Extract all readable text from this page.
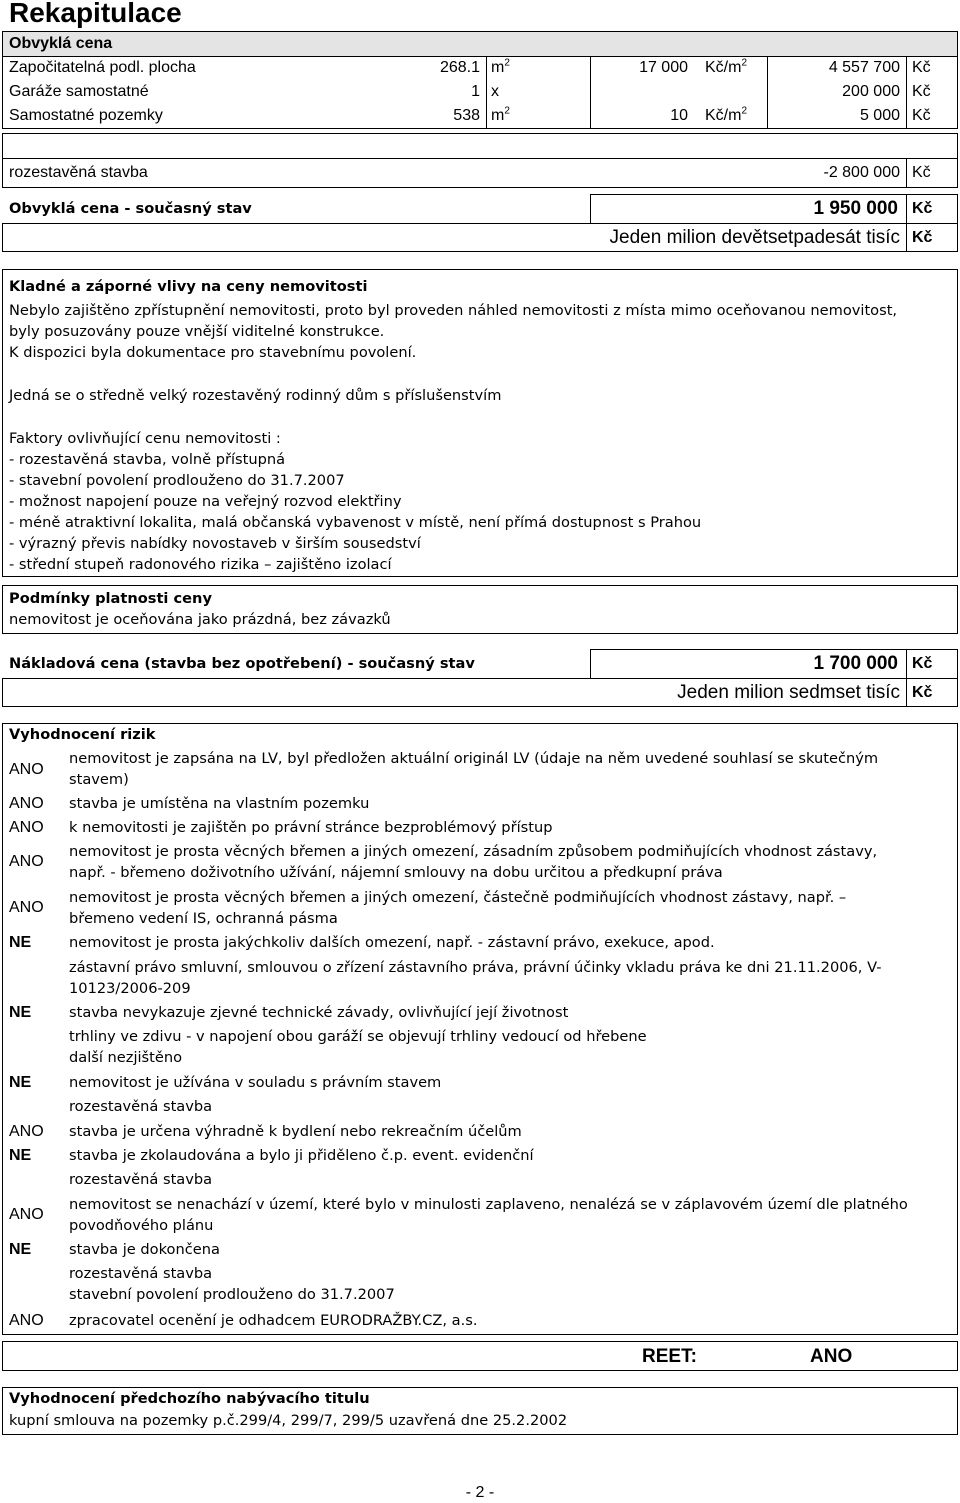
Rekapitulace
Obvyklá cena
Započitatelná podl. plocha	268.1 $m^2$	17 000 $Kč/m^2$	4 557 700 Kč
Garáže samostatné	1 x	200 000 Kč
Samostatné pozemky	538 $m^2$	10 $Kč/m^2$	5 000 Kč
rozestavěná stavba	-2 800 000 Kč
Obvyklá cena - současný stav	1 950 000 Kč
Jeden milion devětsetpadesát tisíc Kč
Kladné a záporné vlivy na ceny nemovitosti
Nebylo zajištěno zpřístupnění nemovitosti, proto byl proveden náhled nemovitosti z místa mimo oceňovanou nemovitost,
byly posuzovány pouze vnější viditelné konstrukce.
K dispozici byla dokumentace pro stavebnímu povolení.
Jedná se o středně velký rozestavěný rodinný dům s příslušenstvím
Faktory ovlivňující cenu nemovitosti :
- rozestavěná stavba, volně přístupná
- stavební povolení prodlouženo do 31.7.2007
- možnost napojení pouze na veřejný rozvod elektřiny
- méně atraktivní lokalita, malá občanská vybavenost v místě, není přímá dostupnost s Prahou
- výrazný převis nabídky novostaveb v širším sousedství
- střední stupeň radonového rizika – zajištěno izolací
Podmínky platnosti ceny
nemovitost je oceňována jako prázdná, bez závazků
Nákladová cena (stavba bez opotřebení) - současný stav	1 700 000 Kč
Jeden milion sedmset tisíc Kč
Vyhodnocení rizik
ANO
nemovitost je zapsána na LV, byl předložen aktuální originál LV (údaje na něm uvedené souhlasí se skutečným
stavem)
ANO stavba je umístěna na vlastním pozemku
ANO k nemovitosti je zajištěn po právní stránce bezproblémový přístup
ANO
nemovitost je prosta věcných břemen a jiných omezení, zásadním způsobem podmiňujících vhodnost zástavy,
např. - břemeno doživotního užívání, nájemní smlouvy na dobu určitou a předkupní práva
ANO
nemovitost je prosta věcných břemen a jiných omezení, částečně podmiňujících vhodnost zástavy, např. –
břemeno vedení IS, ochranná pásma
NE	nemovitost je prosta jakýchkoliv dalších omezení, např. - zástavní právo, exekuce, apod.
zástavní právo smluvní, smlouvou o zřízení zástavního práva, právní účinky vkladu práva ke dni 21.11.2006, V-
10123/2006-209
NE	stavba nevykazuje zjevné technické závady, ovlivňující její životnost
trhliny ve zdivu - v napojení obou garáží se objevují trhliny vedoucí od hřebene
další nezjištěno
NE	nemovitost je užívána v souladu s právním stavem
rozestavěná stavba
ANO stavba je určena výhradně k bydlení nebo rekreačním účelům
NE	stavba je zkolaudována a bylo ji přiděleno č.p. event. evidenční
rozestavěná stavba
ANO
nemovitost se nenachází v území, které bylo v minulosti zaplaveno, nenalézá se v záplavovém území dle platného
povodňového plánu
NE	stavba je dokončena
rozestavěná stavba
stavební povolení prodlouženo do 31.7.2007
ANO zpracovatel ocenění je odhadcem EURODRAŽBY.CZ, a.s.
REET:	ANO
Vyhodnocení předchozího nabývacího titulu
kupní smlouva na pozemky p.č.299/4, 299/7, 299/5 uzavřená dne 25.2.2002
- 2 -
